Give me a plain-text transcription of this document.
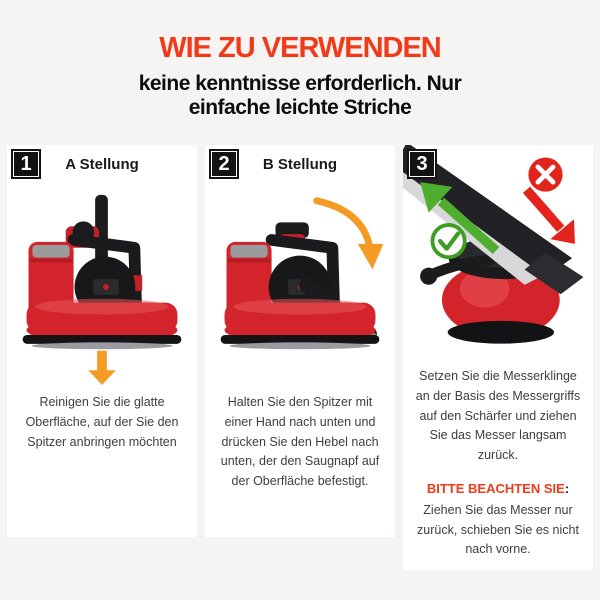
WIE ZU VERWENDEN
keine kenntnisse erforderlich. Nur
einfache leichte Striche
1	A Stellung
Reinigen Sie die glatte Oberfläche, auf der Sie den Spitzer anbringen möchten
2	B Stellung
Halten Sie den Spitzer mit einer Hand nach unten und drücken Sie den Hebel nach unten, der den Saugnapf auf der Oberfläche befestigt.
3
Setzen Sie die Messerklinge an der Basis des Messergriffs auf den Schärfer und ziehen Sie das Messer langsam zurück.
BITTE BEACHTEN SIE:
Ziehen Sie das Messer nur zurück, schieben Sie es nicht nach vorne.
